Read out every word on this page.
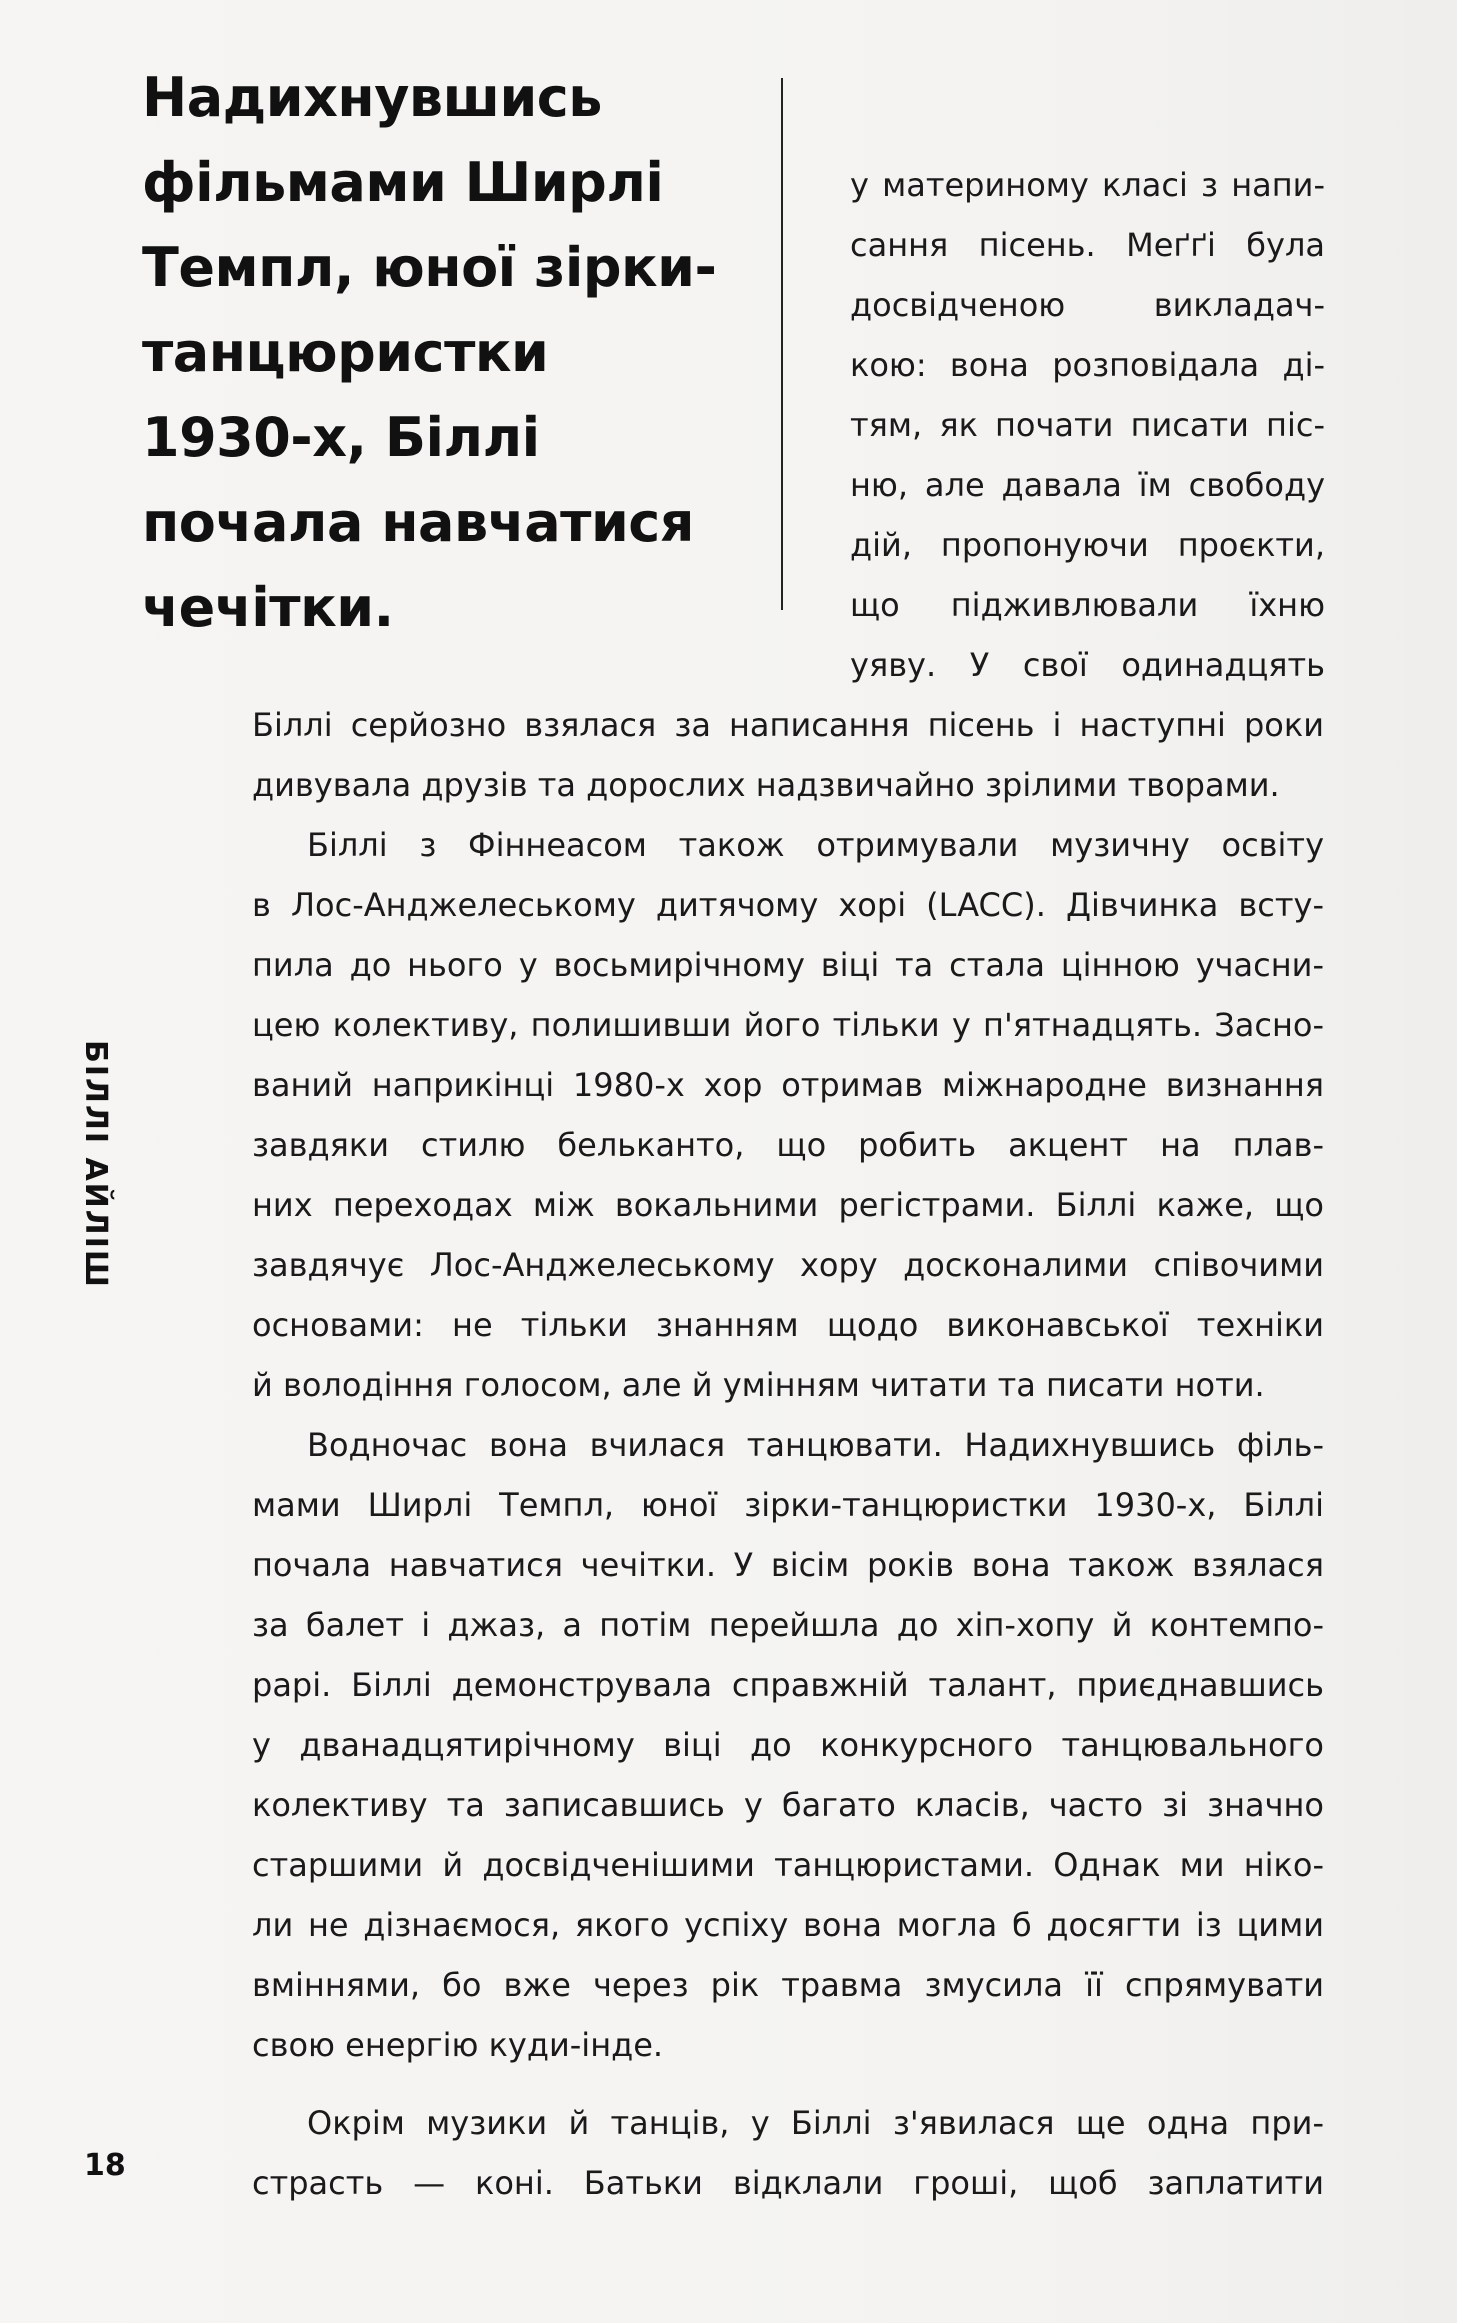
Надихнувшись
фільмами Ширлі
Темпл, юної зірки-
танцюристки
1930-х, Біллі
почала навчатися
чечітки.
у материному класі з напи-
сання пісень. Меґґі була
досвідченою викладач-
кою: вона розповідала ді-
тям, як почати писати піс-
ню, але давала їм свободу
дій, пропонуючи проєкти,
що підживлювали їхню
уяву. У свої одинадцять
Біллі серйозно взялася за написання пісень і наступні роки
дивувала друзів та дорослих надзвичайно зрілими творами.
Біллі з Фіннеасом також отримували музичну освіту
в Лос-Анджелеському дитячому хорі (LACC). Дівчинка всту-
пила до нього у восьмирічному віці та стала цінною учасни-
цею колективу, полишивши його тільки у п'ятнадцять. Засно-
ваний наприкінці 1980-х хор отримав міжнародне визнання
завдяки стилю бельканто, що робить акцент на плав-
них переходах між вокальними регістрами. Біллі каже, що
завдячує Лос-Анджелеському хору досконалими співочими
основами: не тільки знанням щодо виконавської техніки
й володіння голосом, але й умінням читати та писати ноти.
Водночас вона вчилася танцювати. Надихнувшись філь-
мами Ширлі Темпл, юної зірки-танцюристки 1930-х, Біллі
почала навчатися чечітки. У вісім років вона також взялася
за балет і джаз, а потім перейшла до хіп-хопу й контемпо-
рарі. Біллі демонструвала справжній талант, приєднавшись
у дванадцятирічному віці до конкурсного танцювального
колективу та записавшись у багато класів, часто зі значно
старшими й досвідченішими танцюристами. Однак ми ніко-
ли не дізнаємося, якого успіху вона могла б досягти із цими
вміннями, бо вже через рік травма змусила її спрямувати
свою енергію куди-інде.
Окрім музики й танців, у Біллі з'явилася ще одна при-
страсть — коні. Батьки відклали гроші, щоб заплатити
БІЛЛІ АЙЛІШ
18
